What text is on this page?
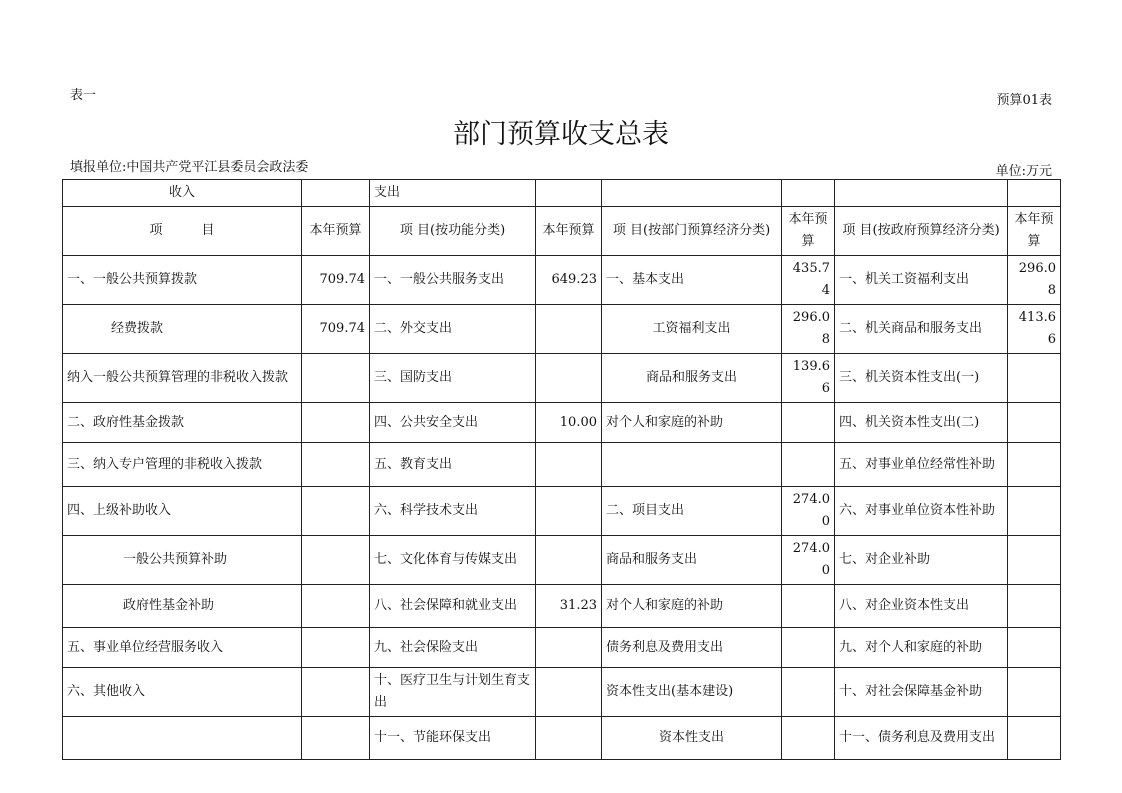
表一	预算01表
部门预算收支总表
填报单位:中国共产党平江县委员会政法委	单位:万元
收入		支出					
项　　　目	本年预算	项 目(按功能分类)	本年预算	项 目(按部门预算经济分类)	本年预算	项 目(按政府预算经济分类)	本年预算
一、一般公共预算拨款	709.74	一、一般公共服务支出	649.23	一、基本支出	435.74	一、机关工资福利支出	296.08
经费拨款	709.74	二、外交支出		工资福利支出	296.08	二、机关商品和服务支出	413.66
纳入一般公共预算管理的非税收入拨款		三、国防支出		商品和服务支出	139.66	三、机关资本性支出(一)	
二、政府性基金拨款		四、公共安全支出	10.00	对个人和家庭的补助		四、机关资本性支出(二)	
三、纳入专户管理的非税收入拨款		五、教育支出				五、对事业单位经常性补助	
四、上级补助收入		六、科学技术支出		二、项目支出	274.00	六、对事业单位资本性补助	
一般公共预算补助		七、文化体育与传媒支出		商品和服务支出	274.00	七、对企业补助	
政府性基金补助		八、社会保障和就业支出	31.23	对个人和家庭的补助		八、对企业资本性支出	
五、事业单位经营服务收入		九、社会保险支出		债务利息及费用支出		九、对个人和家庭的补助	
六、其他收入		十、医疗卫生与计划生育支出		资本性支出(基本建设)		十、对社会保障基金补助	
		十一、节能环保支出		资本性支出		十一、债务利息及费用支出	
